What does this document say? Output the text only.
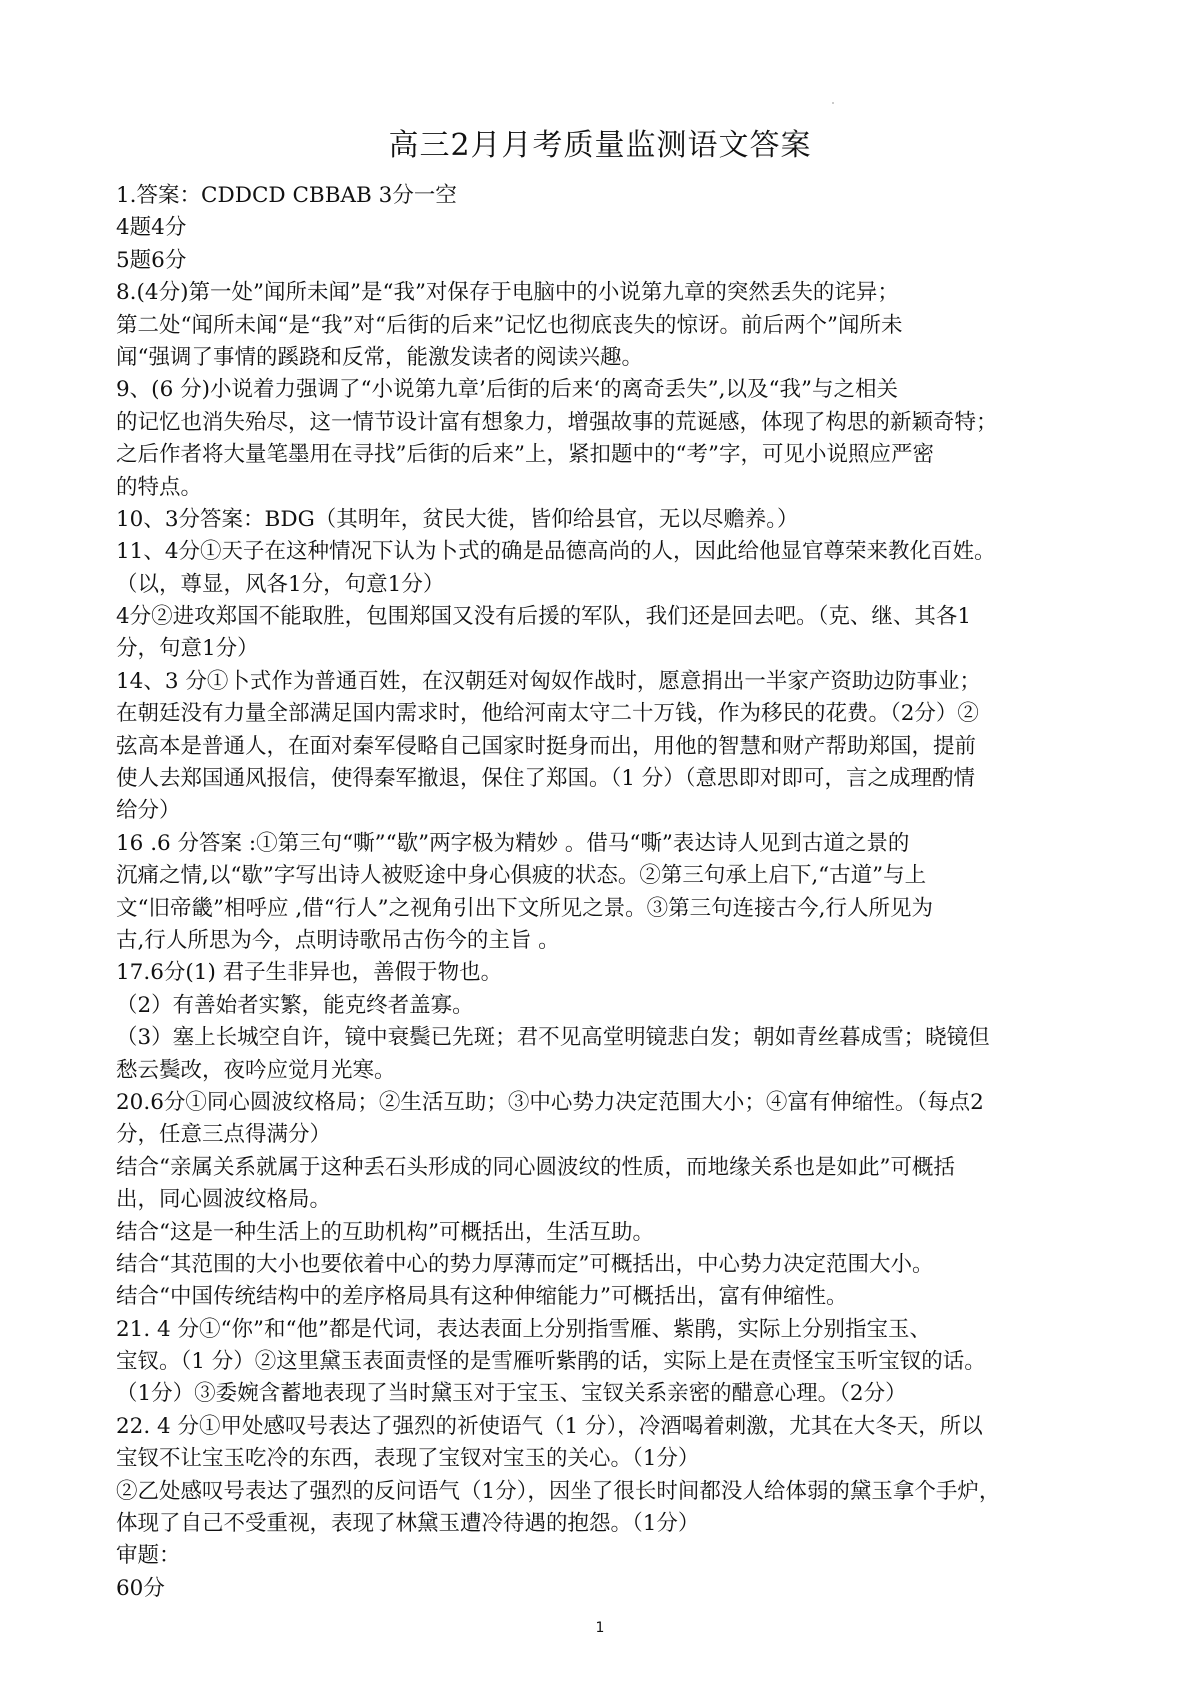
高三2月月考质量监测语文答案
1.答案：CDDCD CBBAB 3分一空
4题4分
5题6分
8.(4分)第一处”闻所未闻”是“我”对保存于电脑中的小说第九章的突然丢失的诧异；
第二处“闻所未闻“是“我”对“后街的后来”记忆也彻底丧失的惊讶。前后两个”闻所未
闻“强调了事情的蹊跷和反常，能激发读者的阅读兴趣。
9、(6 分)小说着力强调了“小说第九章’后街的后来‘的离奇丢失”,以及“我”与之相关
的记忆也消失殆尽，这一情节设计富有想象力，增强故事的荒诞感，体现了构思的新颖奇特；
之后作者将大量笔墨用在寻找”后街的后来”上，紧扣题中的“考”字，可见小说照应严密
的特点。
10、3分答案：BDG（其明年，贫民大徙，皆仰给县官，无以尽赡养。）
11、4分①天子在这种情况下认为卜式的确是品德高尚的人，因此给他显官尊荣来教化百姓。
（以，尊显，风各1分，句意1分）
4分②进攻郑国不能取胜，包围郑国又没有后援的军队，我们还是回去吧。（克、继、其各1
分，句意1分）
14、3 分①卜式作为普通百姓，在汉朝廷对匈奴作战时，愿意捐出一半家产资助边防事业；
在朝廷没有力量全部满足国内需求时，他给河南太守二十万钱，作为移民的花费。（2分）②
弦高本是普通人，在面对秦军侵略自己国家时挺身而出，用他的智慧和财产帮助郑国，提前
使人去郑国通风报信，使得秦军撤退，保住了郑国。（1 分）（意思即对即可，言之成理酌情
给分）
16 .6 分答案 :①第三句“嘶”“歇”两字极为精妙 。借马“嘶”表达诗人见到古道之景的
沉痛之情,以“歇”字写出诗人被贬途中身心俱疲的状态。②第三句承上启下,“古道”与上
文“旧帝畿”相呼应 ,借“行人”之视角引出下文所见之景。③第三句连接古今,行人所见为
古,行人所思为今，点明诗歌吊古伤今的主旨 。
17.6分(1) 君子生非异也，善假于物也。
（2）有善始者实繁，能克终者盖寡。
（3）塞上长城空自许，镜中衰鬓已先斑；君不见高堂明镜悲白发；朝如青丝暮成雪；晓镜但
愁云鬓改，夜吟应觉月光寒。
20.6分①同心圆波纹格局；②生活互助；③中心势力决定范围大小；④富有伸缩性。（每点2
分，任意三点得满分）
结合“亲属关系就属于这种丢石头形成的同心圆波纹的性质，而地缘关系也是如此”可概括
出，同心圆波纹格局。
结合“这是一种生活上的互助机构”可概括出，生活互助。
结合“其范围的大小也要依着中心的势力厚薄而定”可概括出，中心势力决定范围大小。
结合“中国传统结构中的差序格局具有这种伸缩能力”可概括出，富有伸缩性。
21. 4 分①“你”和“他”都是代词，表达表面上分别指雪雁、紫鹃，实际上分别指宝玉、
宝钗。（1 分）②这里黛玉表面责怪的是雪雁听紫鹃的话，实际上是在责怪宝玉听宝钗的话。
（1分）③委婉含蓄地表现了当时黛玉对于宝玉、宝钗关系亲密的醋意心理。（2分）
22. 4 分①甲处感叹号表达了强烈的祈使语气（1 分），冷酒喝着刺激，尤其在大冬天，所以
宝钗不让宝玉吃冷的东西，表现了宝钗对宝玉的关心。（1分）
②乙处感叹号表达了强烈的反问语气（1分），因坐了很长时间都没人给体弱的黛玉拿个手炉，
体现了自己不受重视，表现了林黛玉遭冷待遇的抱怨。（1分）
审题：
60分
1
